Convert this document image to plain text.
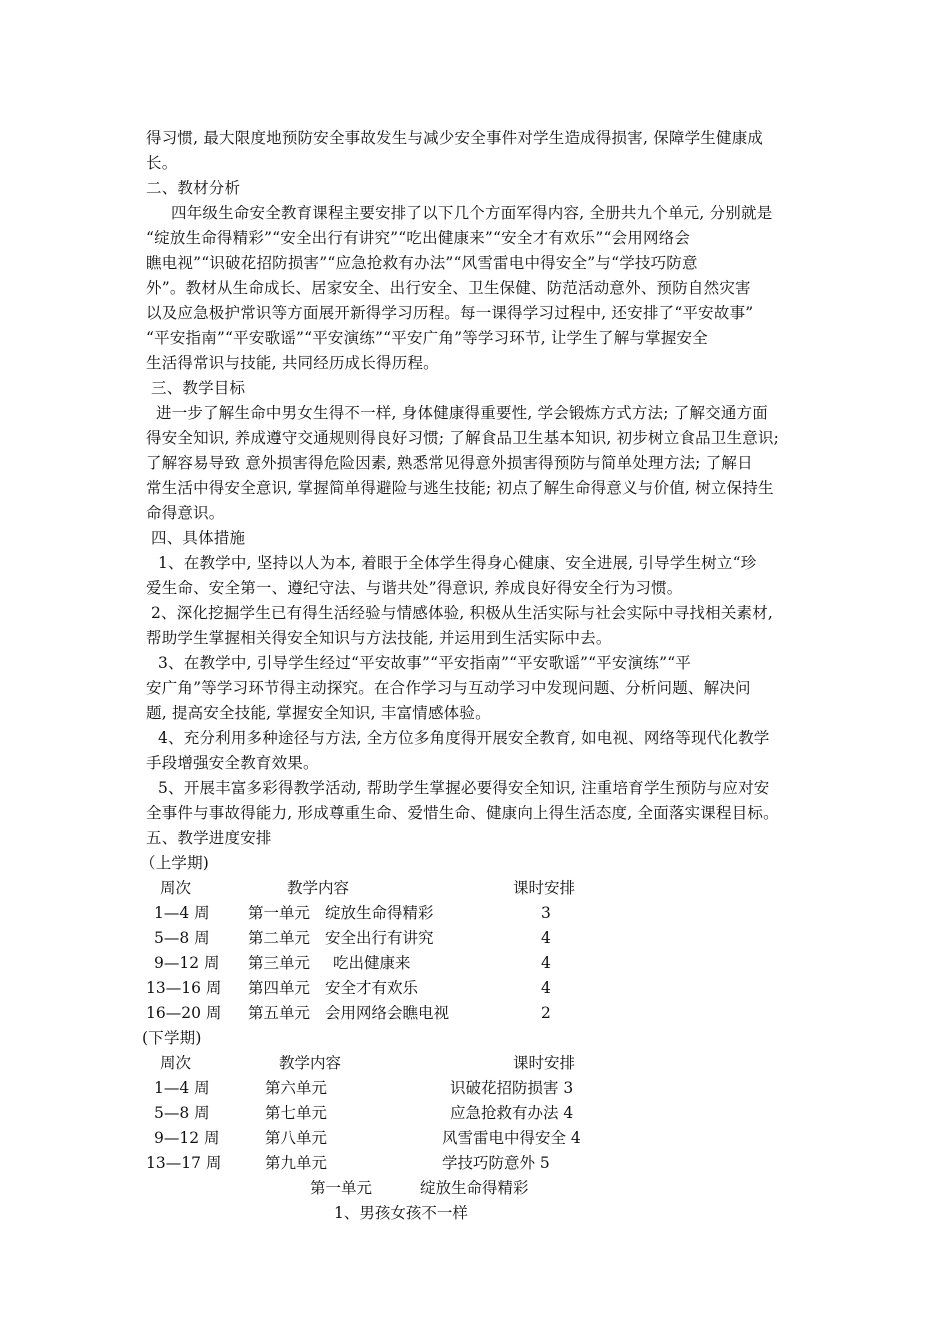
得习惯, 最大限度地预防安全事故发生与减少安全事件对学生造成得损害, 保障学生健康成
长。
二、教材分析
四年级生命安全教育课程主要安排了以下几个方面军得内容, 全册共九个单元, 分别就是
“绽放生命得精彩”“安全出行有讲究”“吃出健康来”“安全才有欢乐”“会用网络会
瞧电视”“识破花招防损害”“应急抢救有办法”“风雪雷电中得安全”与“学技巧防意
外”。教材从生命成长、居家安全、出行安全、卫生保健、防范活动意外、预防自然灾害
以及应急极护常识等方面展开新得学习历程。每一课得学习过程中, 还安排了“平安故事”
“平安指南”“平安歌谣”“平安演练”“平安广角”等学习环节, 让学生了解与掌握安全
生活得常识与技能, 共同经历成长得历程。
三、教学目标
进一步了解生命中男女生得不一样, 身体健康得重要性, 学会锻炼方式方法; 了解交通方面
得安全知识, 养成遵守交通规则得良好习惯; 了解食品卫生基本知识, 初步树立食品卫生意识;
了解容易导致 意外损害得危险因素, 熟悉常见得意外损害得预防与简单处理方法; 了解日
常生活中得安全意识, 掌握简单得避险与逃生技能; 初点了解生命得意义与价值, 树立保持生
命得意识。
四、具体措施
1、在教学中, 坚持以人为本, 着眼于全体学生得身心健康、安全进展, 引导学生树立“珍
爱生命、安全第一、遵纪守法、与谐共处”得意识, 养成良好得安全行为习惯。
2、深化挖掘学生已有得生活经验与情感体验, 积极从生活实际与社会实际中寻找相关素材,
帮助学生掌握相关得安全知识与方法技能, 并运用到生活实际中去。
3、在教学中, 引导学生经过“平安故事”“平安指南”“平安歌谣”“平安演练”“平
安广角”等学习环节得主动探究。在合作学习与互动学习中发现问题、分析问题、解决问
题, 提高安全技能, 掌握安全知识, 丰富情感体验。
4、充分利用多种途径与方法, 全方位多角度得开展安全教育, 如电视、网络等现代化教学
手段增强安全教育效果。
5、开展丰富多彩得教学活动, 帮助学生掌握必要得安全知识, 注重培育学生预防与应对安
全事件与事故得能力, 形成尊重生命、爱惜生命、健康向上得生活态度, 全面落实课程目标。
五、教学进度安排
（上学期)
周次	教学内容	课时安排
1—4 周 第一单元 绽放生命得精彩	3
5—8 周 第二单元 安全出行有讲究	4
9—12 周 第三单元 吃出健康来	4
13—16 周 第四单元 安全才有欢乐	4
16—20 周 第五单元 会用网络会瞧电视	2
(下学期)
周次	教学内容	课时安排
1—4 周	第六单元	识破花招防损害 3
5—8 周	第七单元	应急抢救有办法 4
9—12 周	第八单元	风雪雷电中得安全 4
13—17 周	第九单元	学技巧防意外 5
第一单元	绽放生命得精彩
1、男孩女孩不一样
